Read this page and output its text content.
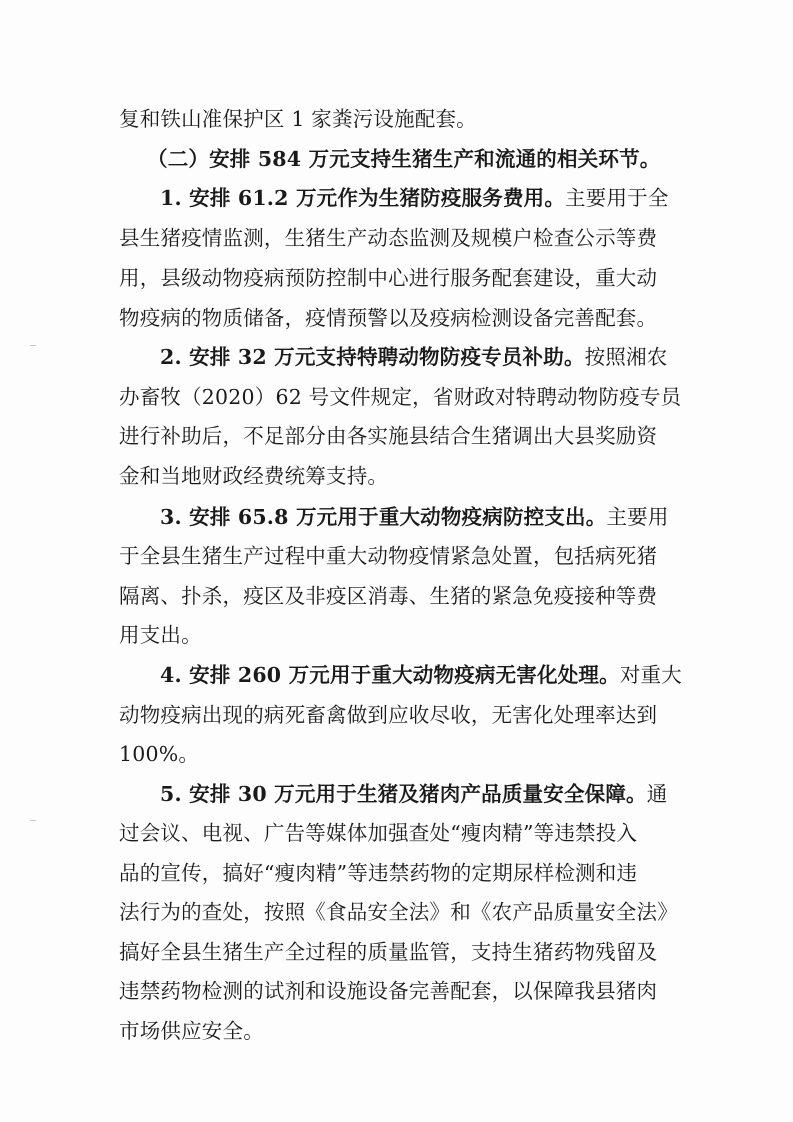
复和铁山准保护区 1 家粪污设施配套。
（二）安排 584 万元支持生猪生产和流通的相关环节。
1. 安排 61.2 万元作为生猪防疫服务费用。主要用于全
县生猪疫情监测，生猪生产动态监测及规模户检查公示等费
用，县级动物疫病预防控制中心进行服务配套建设，重大动
物疫病的物质储备，疫情预警以及疫病检测设备完善配套。
2. 安排 32 万元支持特聘动物防疫专员补助。按照湘农
办畜牧（2020）62 号文件规定，省财政对特聘动物防疫专员
进行补助后，不足部分由各实施县结合生猪调出大县奖励资
金和当地财政经费统筹支持。
3. 安排 65.8 万元用于重大动物疫病防控支出。主要用
于全县生猪生产过程中重大动物疫情紧急处置，包括病死猪
隔离、扑杀，疫区及非疫区消毒、生猪的紧急免疫接种等费
用支出。
4. 安排 260 万元用于重大动物疫病无害化处理。对重大
动物疫病出现的病死畜禽做到应收尽收，无害化处理率达到
100%。
5. 安排 30 万元用于生猪及猪肉产品质量安全保障。通
过会议、电视、广告等媒体加强查处“瘦肉精”等违禁投入
品的宣传，搞好“瘦肉精”等违禁药物的定期尿样检测和违
法行为的查处，按照《食品安全法》和《农产品质量安全法》
搞好全县生猪生产全过程的质量监管，支持生猪药物残留及
违禁药物检测的试剂和设施设备完善配套，以保障我县猪肉
市场供应安全。
